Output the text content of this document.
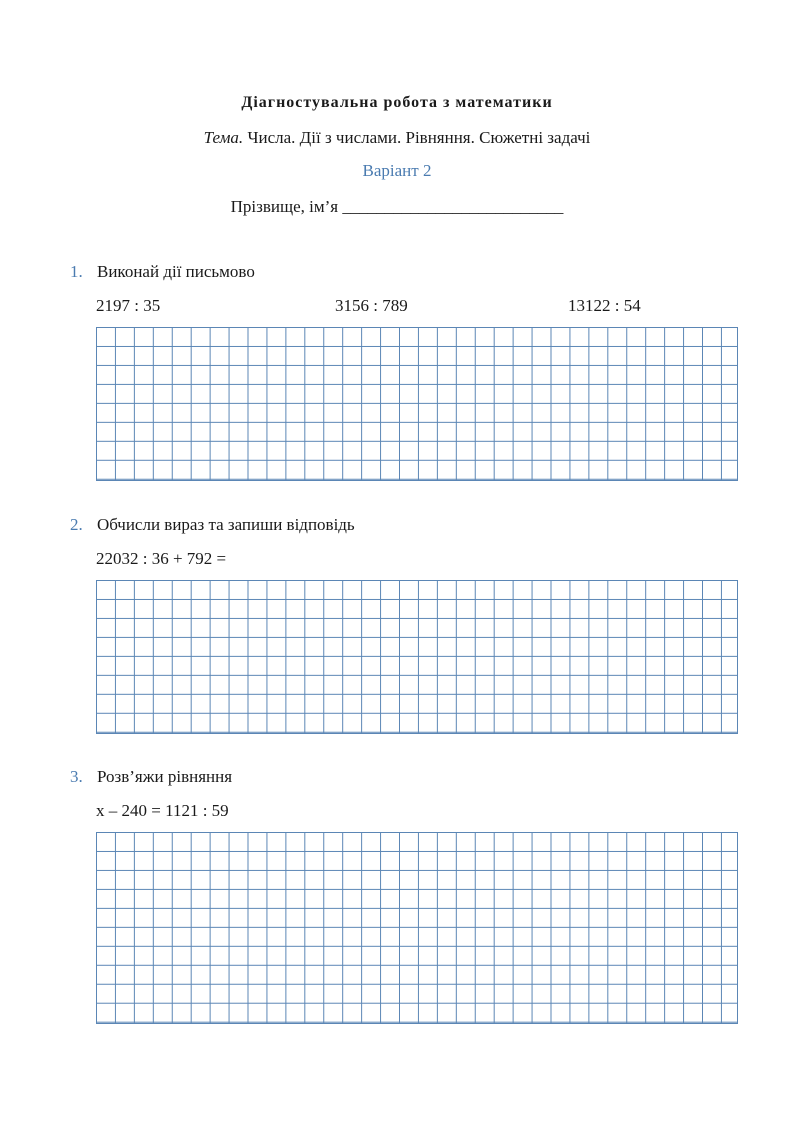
Діагностувальна робота з математики
Тема. Числа. Дії з числами. Рівняння. Сюжетні задачі
Варіант 2
Прізвище, ім’я __________________________
1. Виконай дії письмово
2197 : 35	3156 : 789	13122 : 54
2. Обчисли вираз та запиши відповідь
22032 : 36 + 792 =
3. Розв’яжи рівняння
x – 240 = 1121 : 59
